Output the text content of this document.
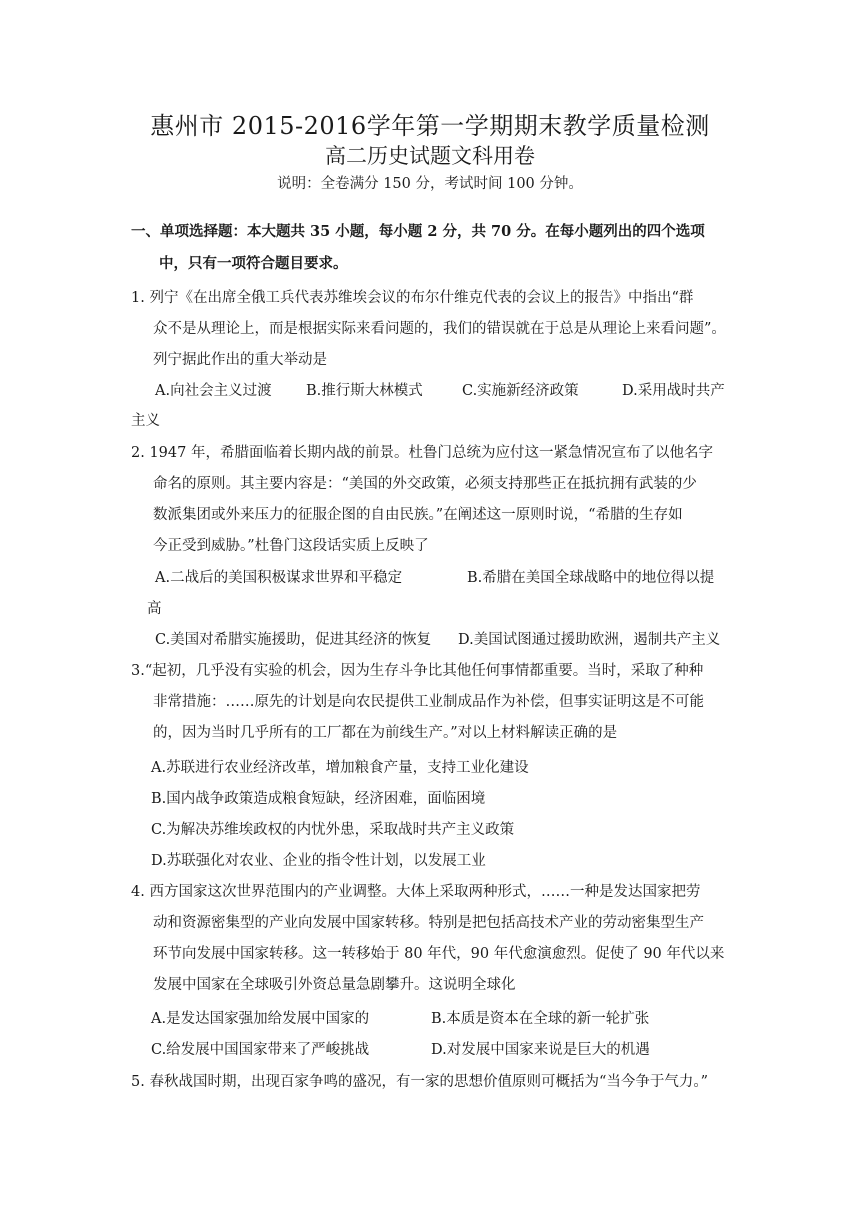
惠州市 2015-2016学年第一学期期末教学质量检测
高二历史试题文科用卷
说明：全卷满分 150 分，考试时间 100 分钟。
一、单项选择题：本大题共 35 小题，每小题 2 分，共 70 分。在每小题列出的四个选项
中，只有一项符合题目要求。
1. 列宁《在出席全俄工兵代表苏维埃会议的布尔什维克代表的会议上的报告》中指出“群
众不是从理论上，而是根据实际来看问题的，我们的错误就在于总是从理论上来看问题”。
列宁据此作出的重大举动是
A.向社会主义过渡 B.推行斯大林模式	C.实施新经济政策	D.采用战时共产
主义
2. 1947 年，希腊面临着长期内战的前景。杜鲁门总统为应付这一紧急情况宣布了以他名字
命名的原则。其主要内容是：“美国的外交政策，必须支持那些正在抵抗拥有武装的少
数派集团或外来压力的征服企图的自由民族。”在阐述这一原则时说，“希腊的生存如
今正受到威胁。”杜鲁门这段话实质上反映了
A.二战后的美国积极谋求世界和平稳定	B.希腊在美国全球战略中的地位得以提
高
C.美国对希腊实施援助，促进其经济的恢复 D.美国试图通过援助欧洲，遏制共产主义
3.“起初，几乎没有实验的机会，因为生存斗争比其他任何事情都重要。当时，采取了种种
非常措施：……原先的计划是向农民提供工业制成品作为补偿，但事实证明这是不可能
的，因为当时几乎所有的工厂都在为前线生产。”对以上材料解读正确的是
A.苏联进行农业经济改革，增加粮食产量，支持工业化建设
B.国内战争政策造成粮食短缺，经济困难，面临困境
C.为解决苏维埃政权的内忧外患，采取战时共产主义政策
D.苏联强化对农业、企业的指令性计划，以发展工业
4. 西方国家这次世界范围内的产业调整。大体上采取两种形式，……一种是发达国家把劳
动和资源密集型的产业向发展中国家转移。特别是把包括高技术产业的劳动密集型生产
环节向发展中国家转移。这一转移始于 80 年代，90 年代愈演愈烈。促使了 90 年代以来
发展中国家在全球吸引外资总量急剧攀升。这说明全球化
A.是发达国家强加给发展中国家的	B.本质是资本在全球的新一轮扩张
C.给发展中国国家带来了严峻挑战	D.对发展中国家来说是巨大的机遇
5. 春秋战国时期，出现百家争鸣的盛况，有一家的思想价值原则可概括为“当今争于气力。”
